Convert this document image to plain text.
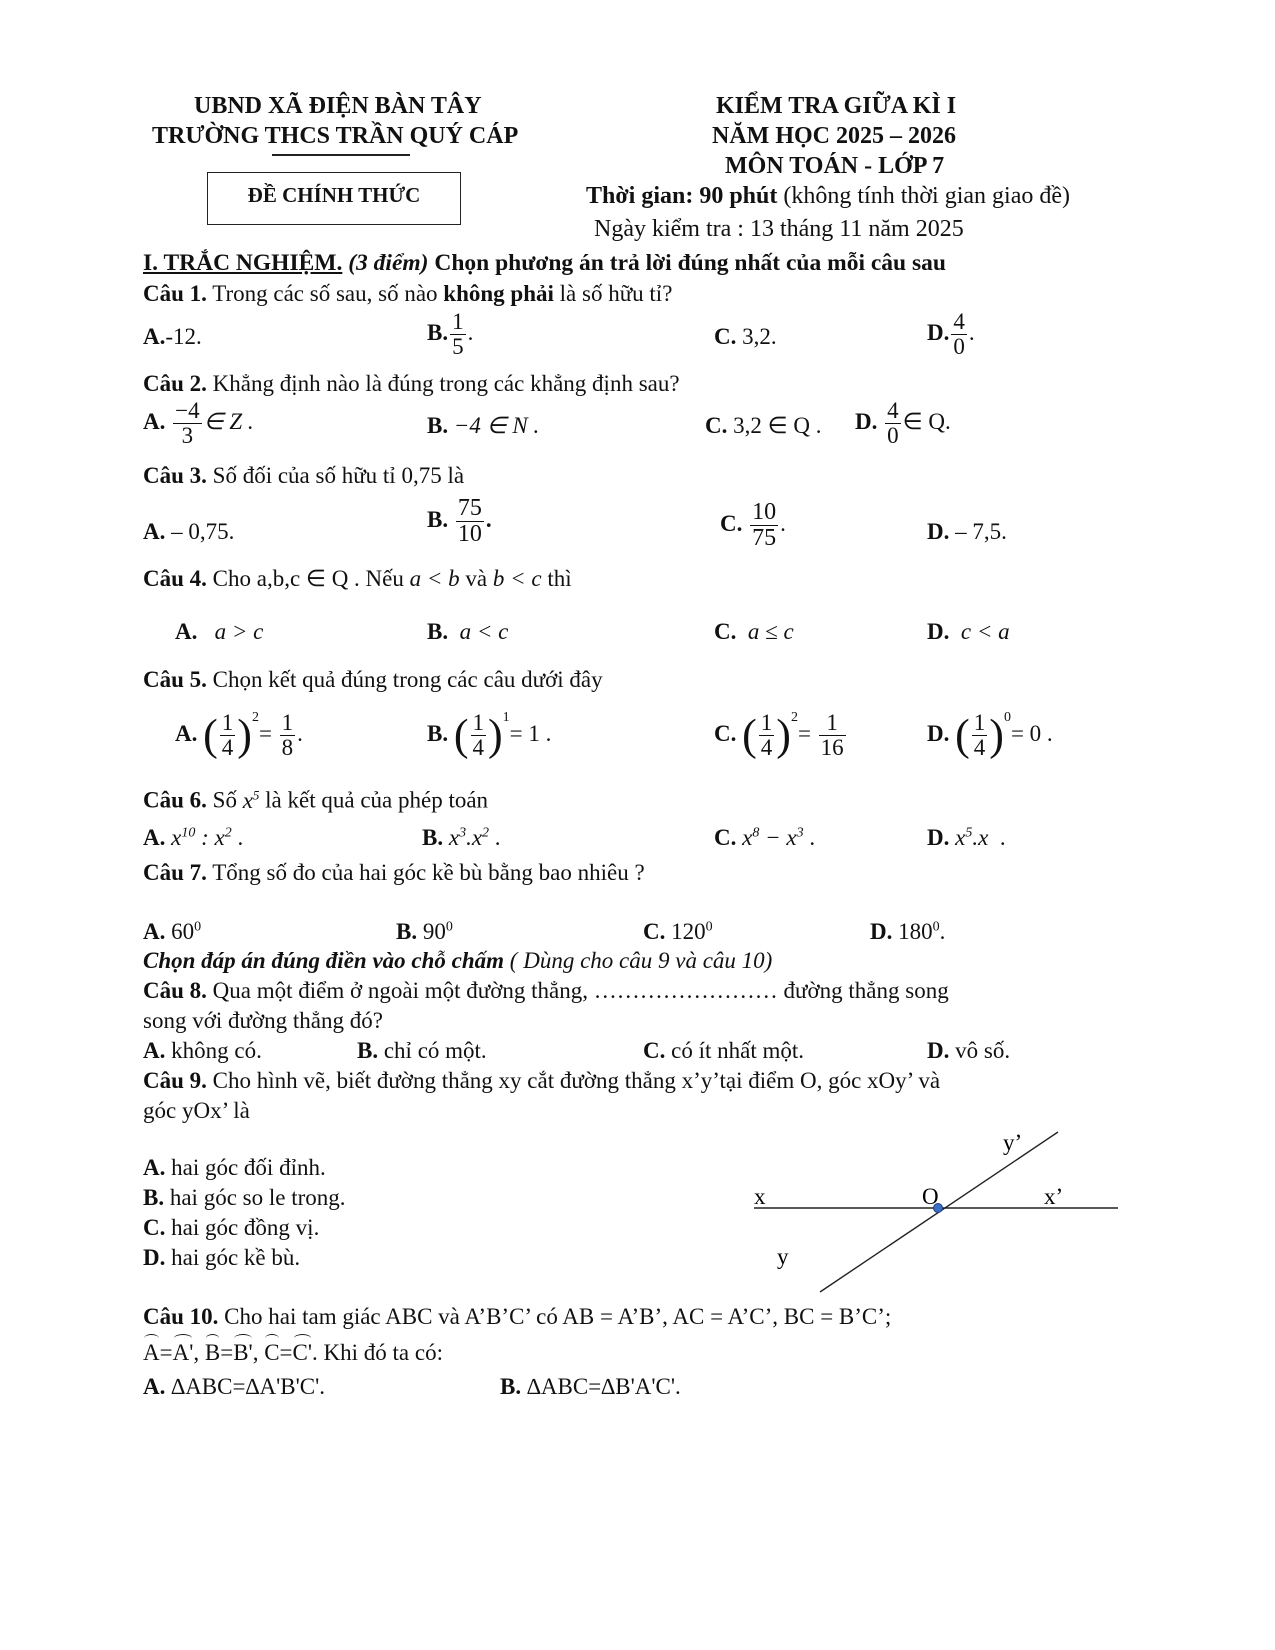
UBND XÃ ĐIỆN BÀN TÂY
TRƯỜNG THCS TRẦN QUÝ CÁP
ĐỀ CHÍNH THỨC
KIỂM TRA GIỮA KÌ I
NĂM HỌC 2025 – 2026
MÔN TOÁN - LỚP 7
Thời gian: 90 phút (không tính thời gian giao đề)
Ngày kiểm tra : 13 tháng 11 năm 2025
I. TRẮC NGHIỆM. (3 điểm) Chọn phương án trả lời đúng nhất của mỗi câu sau
Câu 1. Trong các số sau, số nào không phải là số hữu tỉ?
A.-12.	B. $\frac{1}{5}$ .	C. 3,2.	D. $\frac{4}{0}$ .
Câu 2. Khẳng định nào là đúng trong các khẳng định sau?
A. $\frac{-4}{3}$ ∈ Z .	B. −4 ∈ N .	C. 3,2 ∈ Q . D. $\frac{4}{0}$ ∈ Q.
Câu 3. Số đối của số hữu tỉ 0,75 là
A. – 0,75.	B. $\frac{75}{10}$ .	C. $\frac{10}{75}$ .	D. – 7,5.
Câu 4. Cho a,b,c ∈ Q . Nếu a < b và b < c thì
A. a > c	B. a < c	C. a ≤ c	D. c < a
Câu 5. Chọn kết quả đúng trong các câu dưới đây
A. ( $\frac{1}{4} )^2= \frac{1}{8}$ .	B. ( $\frac{1}{4} )^1= 1$ .	C. ( $\frac{1}{4} )^2= \frac{1}{16}$	D. ( $\frac{1}{4} )^0= 0$ .
Câu 6. Số $x^5$ là kết quả của phép toán
A. $x^{10}$ : $x^2$ .	B. $x^3.x^2$ .	C. $x^8 - x^3$ .	D. $x^5.x$  .
Câu 7. Tổng số đo của hai góc kề bù bằng bao nhiêu ?
A. $60^0$	B. $90^0$	C. $120^0$	D. $180^0$.
Chọn đáp án đúng điền vào chỗ chấm ( Dùng cho câu 9 và câu 10)
Câu 8. Qua một điểm ở ngoài một đường thẳng, …………………… đường thẳng song
song với đường thẳng đó?
A. không có.	B. chỉ có một.	C. có ít nhất một.	D. vô số.
Câu 9. Cho hình vẽ, biết đường thẳng xy cắt đường thẳng x’y’tại điểm O, góc xOy’ và
góc yOx’ là
A. hai góc đối đỉnh.
B. hai góc so le trong.
C. hai góc đồng vị.
D. hai góc kề bù.
x	x’
y
y’
O
Câu 10. Cho hai tam giác ABC và A’B’C’ có AB = A’B’, AC = A’C’, BC = B’C’;
A=A', B=B', C=C'. Khi đó ta có:
A. ∆ABC=∆A'B'C'.	B. ∆ABC=∆B'A'C'.
